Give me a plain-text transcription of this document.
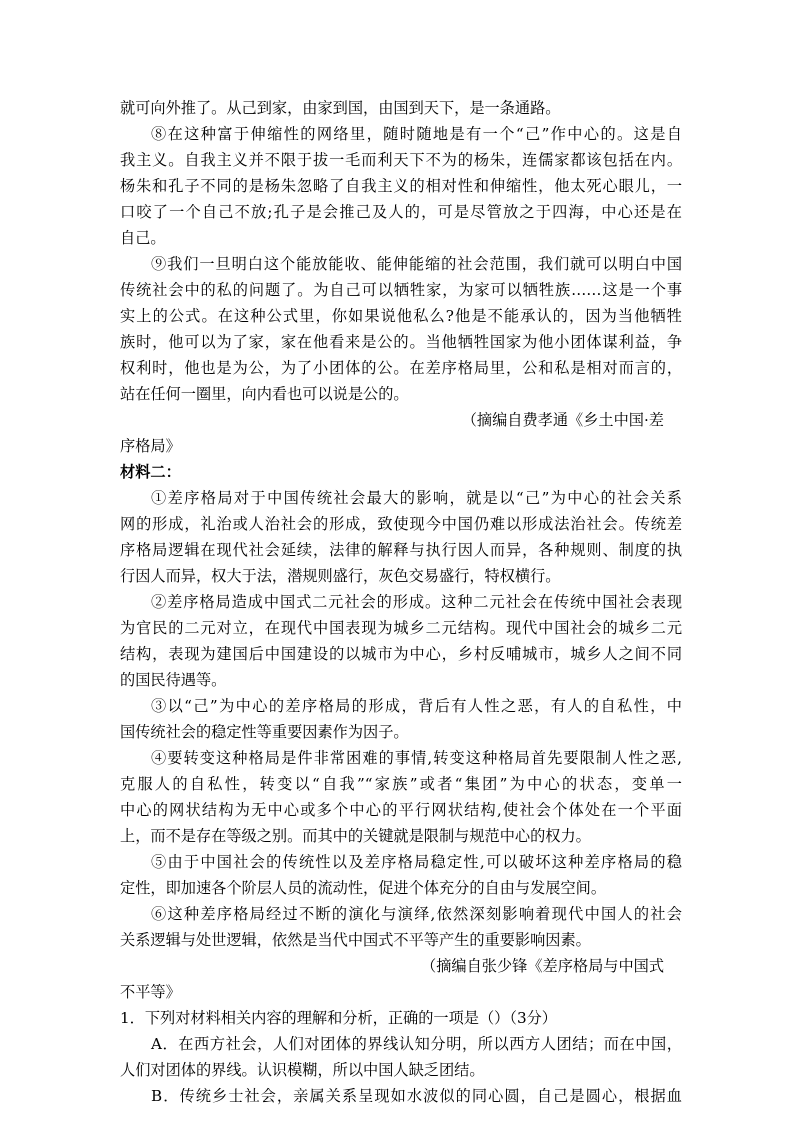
就可向外推了。从己到家，由家到国，由国到天下，是一条通路。
⑧在这种富于伸缩性的网络里，随时随地是有一个“己”作中心的。这是自
我主义。自我主义并不限于拔一毛而利天下不为的杨朱，连儒家都该包括在内。
杨朱和孔子不同的是杨朱忽略了自我主义的相对性和伸缩性，他太死心眼儿，一
口咬了一个自己不放;孔子是会推己及人的，可是尽管放之于四海，中心还是在
自己。
⑨我们一旦明白这个能放能收、能伸能缩的社会范围，我们就可以明白中国
传统社会中的私的问题了。为自己可以牺牲家，为家可以牺牲族……这是一个事
实上的公式。在这种公式里，你如果说他私么?他是不能承认的，因为当他牺牲
族时，他可以为了家，家在他看来是公的。当他牺牲国家为他小团体谋利益，争
权利时，他也是为公，为了小团体的公。在差序格局里，公和私是相对而言的，
站在任何一圈里，向内看也可以说是公的。
（摘编自费孝通《乡土中国·差
序格局》
材料二：
①差序格局对于中国传统社会最大的影响，就是以“己”为中心的社会关系
网的形成，礼治或人治社会的形成，致使现今中国仍难以形成法治社会。传统差
序格局逻辑在现代社会延续，法律的解释与执行因人而异，各种规则、制度的执
行因人而异，权大于法，潜规则盛行，灰色交易盛行，特权横行。
②差序格局造成中国式二元社会的形成。这种二元社会在传统中国社会表现
为官民的二元对立，在现代中国表现为城乡二元结构。现代中国社会的城乡二元
结构，表现为建国后中国建设的以城市为中心，乡村反哺城市，城乡人之间不同
的国民待遇等。
③以“己”为中心的差序格局的形成，背后有人性之恶，有人的自私性，中
国传统社会的稳定性等重要因素作为因子。
④要转变这种格局是件非常困难的事情,转变这种格局首先要限制人性之恶,
克服人的自私性，转变以“自我”“家族”或者“集团”为中心的状态，变单一
中心的网状结构为无中心或多个中心的平行网状结构,使社会个体处在一个平面
上，而不是存在等级之别。而其中的关键就是限制与规范中心的权力。
⑤由于中国社会的传统性以及差序格局稳定性,可以破坏这种差序格局的稳
定性，即加速各个阶层人员的流动性，促进个体充分的自由与发展空间。
⑥这种差序格局经过不断的演化与演绎,依然深刻影响着现代中国人的社会
关系逻辑与处世逻辑，依然是当代中国式不平等产生的重要影响因素。
（摘编自张少锋《差序格局与中国式
不平等》
1．下列对材料相关内容的理解和分析，正确的一项是（）（3分）
A．在西方社会，人们对团体的界线认知分明，所以西方人团结；而在中国，
人们对团体的界线。认识模糊，所以中国人缺乏团结。
B．传统乡士社会，亲属关系呈现如水波似的同心圆，自己是圆心，根据血
